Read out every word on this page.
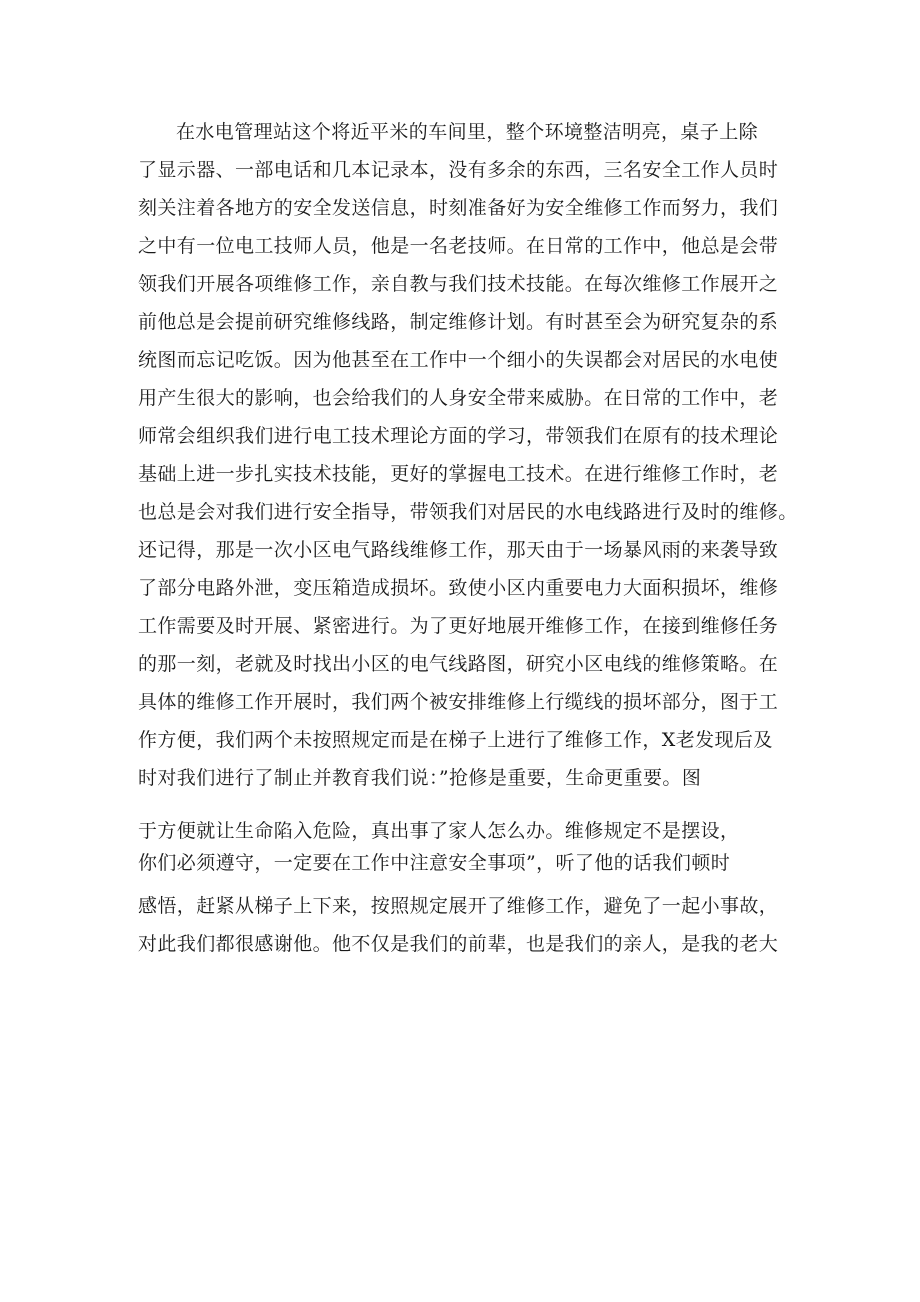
在水电管理站这个将近平米的车间里，整个环境整洁明亮，桌子上除
了显示器、一部电话和几本记录本，没有多余的东西，三名安全工作人员时
刻关注着各地方的安全发送信息，时刻准备好为安全维修工作而努力，我们
之中有一位电工技师人员，他是一名老技师。在日常的工作中，他总是会带
领我们开展各项维修工作，亲自教与我们技术技能。在每次维修工作展开之
前他总是会提前研究维修线路，制定维修计划。有时甚至会为研究复杂的系
统图而忘记吃饭。因为他甚至在工作中一个细小的失误都会对居民的水电使
用产生很大的影响，也会给我们的人身安全带来威胁。在日常的工作中，老
师常会组织我们进行电工技术理论方面的学习，带领我们在原有的技术理论
基础上进一步扎实技术技能，更好的掌握电工技术。在进行维修工作时，老
也总是会对我们进行安全指导，带领我们对居民的水电线路进行及时的维修。
还记得，那是一次小区电气路线维修工作，那天由于一场暴风雨的来袭导致
了部分电路外泄，变压箱造成损坏。致使小区内重要电力大面积损坏，维修
工作需要及时开展、紧密进行。为了更好地展开维修工作，在接到维修任务
的那一刻，老就及时找出小区的电气线路图，研究小区电线的维修策略。在
具体的维修工作开展时，我们两个被安排维修上行缆线的损坏部分，图于工
作方便，我们两个未按照规定而是在梯子上进行了维修工作，X老发现后及
时对我们进行了制止并教育我们说：”抢修是重要，生命更重要。图
于方便就让生命陷入危险，真出事了家人怎么办。维修规定不是摆设，
你们必须遵守，一定要在工作中注意安全事项”，听了他的话我们顿时
感悟，赶紧从梯子上下来，按照规定展开了维修工作，避免了一起小事故，
对此我们都很感谢他。他不仅是我们的前辈，也是我们的亲人，是我的老大
